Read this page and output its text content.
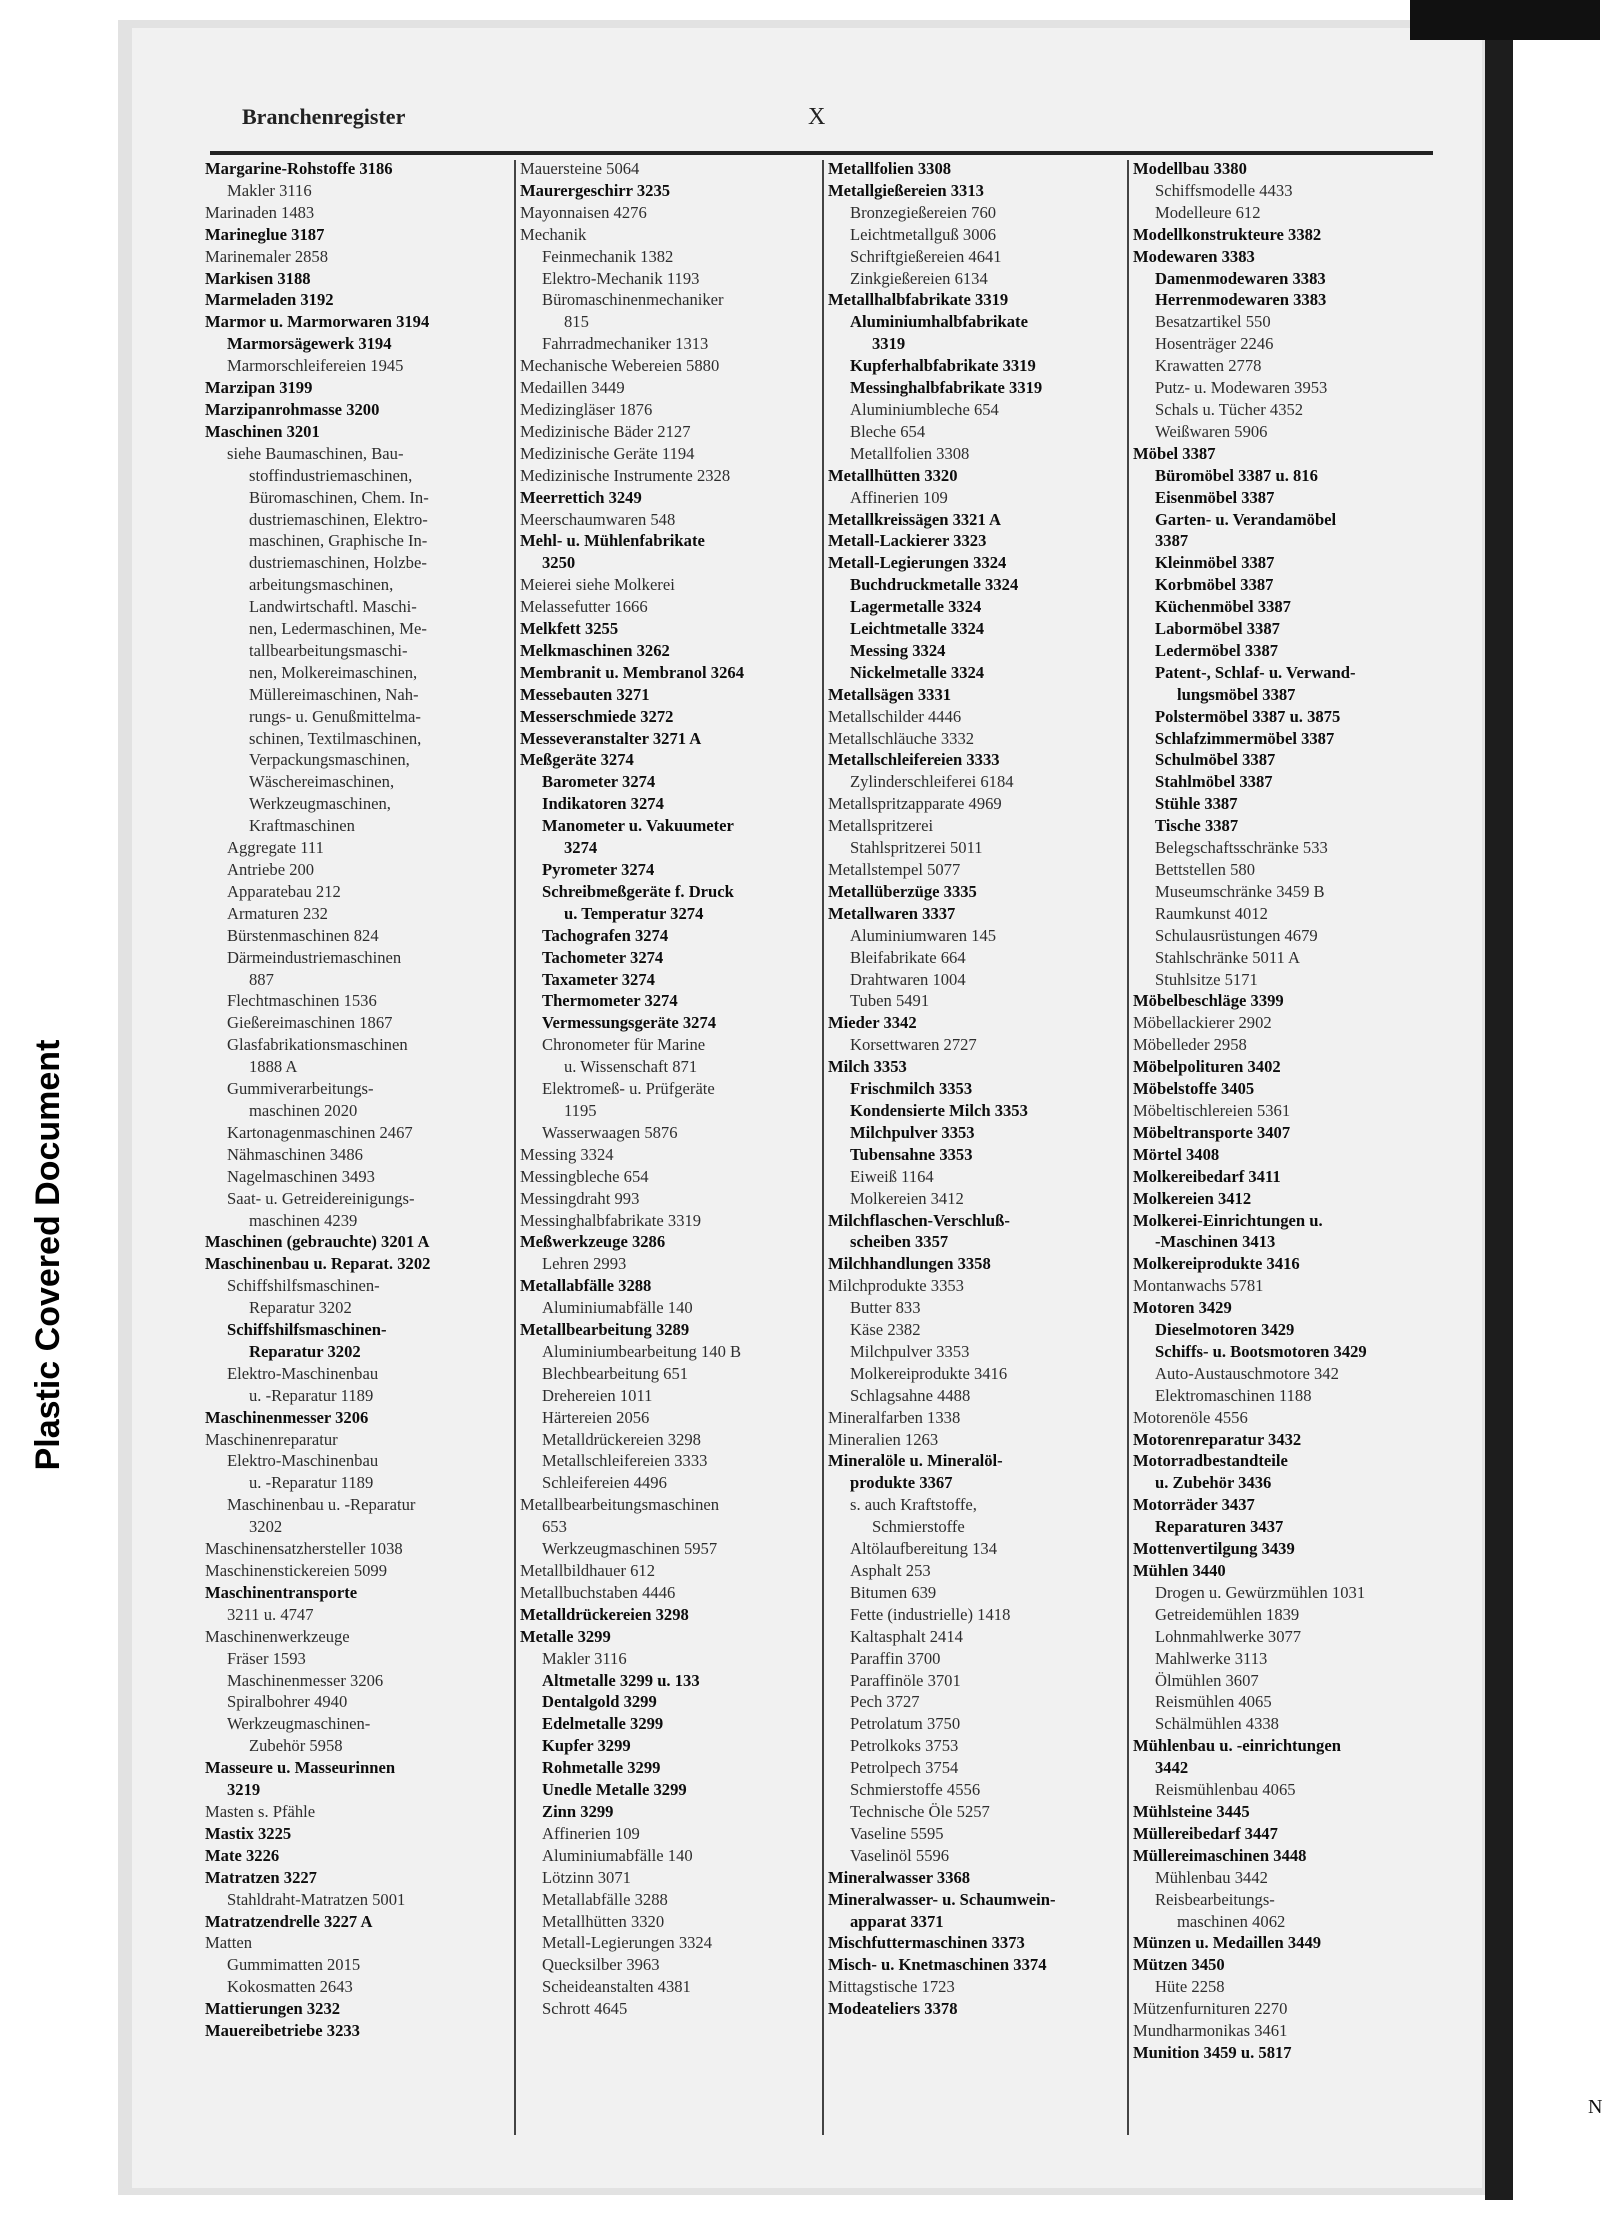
Plastic Covered Document
Branchenregister	X
N
Margarine-Rohstoffe 3186
Makler 3116
Marinaden 1483
Marineglue 3187
Marinemaler 2858
Markisen 3188
Marmeladen 3192
Marmor u. Marmorwaren 3194
Marmorsägewerk 3194
Marmorschleifereien 1945
Marzipan 3199
Marzipanrohmasse 3200
Maschinen 3201
siehe Baumaschinen, Bau-
stoffindustriemaschinen,
Büromaschinen, Chem. In-
dustriemaschinen, Elektro-
maschinen, Graphische In-
dustriemaschinen, Holzbe-
arbeitungsmaschinen,
Landwirtschaftl. Maschi-
nen, Ledermaschinen, Me-
tallbearbeitungsmaschi-
nen, Molkereimaschinen,
Müllereimaschinen, Nah-
rungs- u. Genußmittelma-
schinen, Textilmaschinen,
Verpackungsmaschinen,
Wäschereimaschinen,
Werkzeugmaschinen,
Kraftmaschinen
Aggregate 111
Antriebe 200
Apparatebau 212
Armaturen 232
Bürstenmaschinen 824
Därmeindustriemaschinen
887
Flechtmaschinen 1536
Gießereimaschinen 1867
Glasfabrikationsmaschinen
1888 A
Gummiverarbeitungs-
maschinen 2020
Kartonagenmaschinen 2467
Nähmaschinen 3486
Nagelmaschinen 3493
Saat- u. Getreidereinigungs-
maschinen 4239
Maschinen (gebrauchte) 3201 A
Maschinenbau u. Reparat. 3202
Schiffshilfsmaschinen-
Reparatur 3202
Schiffshilfsmaschinen-
Reparatur 3202
Elektro-Maschinenbau
u. -Reparatur 1189
Maschinenmesser 3206
Maschinenreparatur
Elektro-Maschinenbau
u. -Reparatur 1189
Maschinenbau u. -Reparatur
3202
Maschinensatzhersteller 1038
Maschinenstickereien 5099
Maschinentransporte
3211 u. 4747
Maschinenwerkzeuge
Fräser 1593
Maschinenmesser 3206
Spiralbohrer 4940
Werkzeugmaschinen-
Zubehör 5958
Masseure u. Masseurinnen
3219
Masten s. Pfähle
Mastix 3225
Mate 3226
Matratzen 3227
Stahldraht-Matratzen 5001
Matratzendrelle 3227 A
Matten
Gummimatten 2015
Kokosmatten 2643
Mattierungen 3232
Mauereibetriebe 3233
Mauersteine 5064
Maurergeschirr 3235
Mayonnaisen 4276
Mechanik
Feinmechanik 1382
Elektro-Mechanik 1193
Büromaschinenmechaniker
815
Fahrradmechaniker 1313
Mechanische Webereien 5880
Medaillen 3449
Medizingläser 1876
Medizinische Bäder 2127
Medizinische Geräte 1194
Medizinische Instrumente 2328
Meerrettich 3249
Meerschaumwaren 548
Mehl- u. Mühlenfabrikate
3250
Meierei siehe Molkerei
Melassefutter 1666
Melkfett 3255
Melkmaschinen 3262
Membranit u. Membranol 3264
Messebauten 3271
Messerschmiede 3272
Messeveranstalter 3271 A
Meßgeräte 3274
Barometer 3274
Indikatoren 3274
Manometer u. Vakuumeter
3274
Pyrometer 3274
Schreibmeßgeräte f. Druck
u. Temperatur 3274
Tachografen 3274
Tachometer 3274
Taxameter 3274
Thermometer 3274
Vermessungsgeräte 3274
Chronometer für Marine
u. Wissenschaft 871
Elektromeß- u. Prüfgeräte
1195
Wasserwaagen 5876
Messing 3324
Messingbleche 654
Messingdraht 993
Messinghalbfabrikate 3319
Meßwerkzeuge 3286
Lehren 2993
Metallabfälle 3288
Aluminiumabfälle 140
Metallbearbeitung 3289
Aluminiumbearbeitung 140 B
Blechbearbeitung 651
Drehereien 1011
Härtereien 2056
Metalldrückereien 3298
Metallschleifereien 3333
Schleifereien 4496
Metallbearbeitungsmaschinen
653
Werkzeugmaschinen 5957
Metallbildhauer 612
Metallbuchstaben 4446
Metalldrückereien 3298
Metalle 3299
Makler 3116
Altmetalle 3299 u. 133
Dentalgold 3299
Edelmetalle 3299
Kupfer 3299
Rohmetalle 3299
Unedle Metalle 3299
Zinn 3299
Affinerien 109
Aluminiumabfälle 140
Lötzinn 3071
Metallabfälle 3288
Metallhütten 3320
Metall-Legierungen 3324
Quecksilber 3963
Scheideanstalten 4381
Schrott 4645
Metallfolien 3308
Metallgießereien 3313
Bronzegießereien 760
Leichtmetallguß 3006
Schriftgießereien 4641
Zinkgießereien 6134
Metallhalbfabrikate 3319
Aluminiumhalbfabrikate
3319
Kupferhalbfabrikate 3319
Messinghalbfabrikate 3319
Aluminiumbleche 654
Bleche 654
Metallfolien 3308
Metallhütten 3320
Affinerien 109
Metallkreissägen 3321 A
Metall-Lackierer 3323
Metall-Legierungen 3324
Buchdruckmetalle 3324
Lagermetalle 3324
Leichtmetalle 3324
Messing 3324
Nickelmetalle 3324
Metallsägen 3331
Metallschilder 4446
Metallschläuche 3332
Metallschleifereien 3333
Zylinderschleiferei 6184
Metallspritzapparate 4969
Metallspritzerei
Stahlspritzerei 5011
Metallstempel 5077
Metallüberzüge 3335
Metallwaren 3337
Aluminiumwaren 145
Bleifabrikate 664
Drahtwaren 1004
Tuben 5491
Mieder 3342
Korsettwaren 2727
Milch 3353
Frischmilch 3353
Kondensierte Milch 3353
Milchpulver 3353
Tubensahne 3353
Eiweiß 1164
Molkereien 3412
Milchflaschen-Verschluß-
scheiben 3357
Milchhandlungen 3358
Milchprodukte 3353
Butter 833
Käse 2382
Milchpulver 3353
Molkereiprodukte 3416
Schlagsahne 4488
Mineralfarben 1338
Mineralien 1263
Mineralöle u. Mineralöl-
produkte 3367
s. auch Kraftstoffe,
Schmierstoffe
Altölaufbereitung 134
Asphalt 253
Bitumen 639
Fette (industrielle) 1418
Kaltasphalt 2414
Paraffin 3700
Paraffinöle 3701
Pech 3727
Petrolatum 3750
Petrolkoks 3753
Petrolpech 3754
Schmierstoffe 4556
Technische Öle 5257
Vaseline 5595
Vaselinöl 5596
Mineralwasser 3368
Mineralwasser- u. Schaumwein-
apparat 3371
Mischfuttermaschinen 3373
Misch- u. Knetmaschinen 3374
Mittagstische 1723
Modeateliers 3378
Modellbau 3380
Schiffsmodelle 4433
Modelleure 612
Modellkonstrukteure 3382
Modewaren 3383
Damenmodewaren 3383
Herrenmodewaren 3383
Besatzartikel 550
Hosenträger 2246
Krawatten 2778
Putz- u. Modewaren 3953
Schals u. Tücher 4352
Weißwaren 5906
Möbel 3387
Büromöbel 3387 u. 816
Eisenmöbel 3387
Garten- u. Verandamöbel
3387
Kleinmöbel 3387
Korbmöbel 3387
Küchenmöbel 3387
Labormöbel 3387
Ledermöbel 3387
Patent-, Schlaf- u. Verwand-
lungsmöbel 3387
Polstermöbel 3387 u. 3875
Schlafzimmermöbel 3387
Schulmöbel 3387
Stahlmöbel 3387
Stühle 3387
Tische 3387
Belegschaftsschränke 533
Bettstellen 580
Museumschränke 3459 B
Raumkunst 4012
Schulausrüstungen 4679
Stahlschränke 5011 A
Stuhlsitze 5171
Möbelbeschläge 3399
Möbellackierer 2902
Möbelleder 2958
Möbelpolituren 3402
Möbelstoffe 3405
Möbeltischlereien 5361
Möbeltransporte 3407
Mörtel 3408
Molkereibedarf 3411
Molkereien 3412
Molkerei-Einrichtungen u.
-Maschinen 3413
Molkereiprodukte 3416
Montanwachs 5781
Motoren 3429
Dieselmotoren 3429
Schiffs- u. Bootsmotoren 3429
Auto-Austauschmotore 342
Elektromaschinen 1188
Motorenöle 4556
Motorenreparatur 3432
Motorradbestandteile
u. Zubehör 3436
Motorräder 3437
Reparaturen 3437
Mottenvertilgung 3439
Mühlen 3440
Drogen u. Gewürzmühlen 1031
Getreidemühlen 1839
Lohnmahlwerke 3077
Mahlwerke 3113
Ölmühlen 3607
Reismühlen 4065
Schälmühlen 4338
Mühlenbau u. -einrichtungen
3442
Reismühlenbau 4065
Mühlsteine 3445
Müllereibedarf 3447
Müllereimaschinen 3448
Mühlenbau 3442
Reisbearbeitungs-
maschinen 4062
Münzen u. Medaillen 3449
Mützen 3450
Hüte 2258
Mützenfurnituren 2270
Mundharmonikas 3461
Munition 3459 u. 5817
